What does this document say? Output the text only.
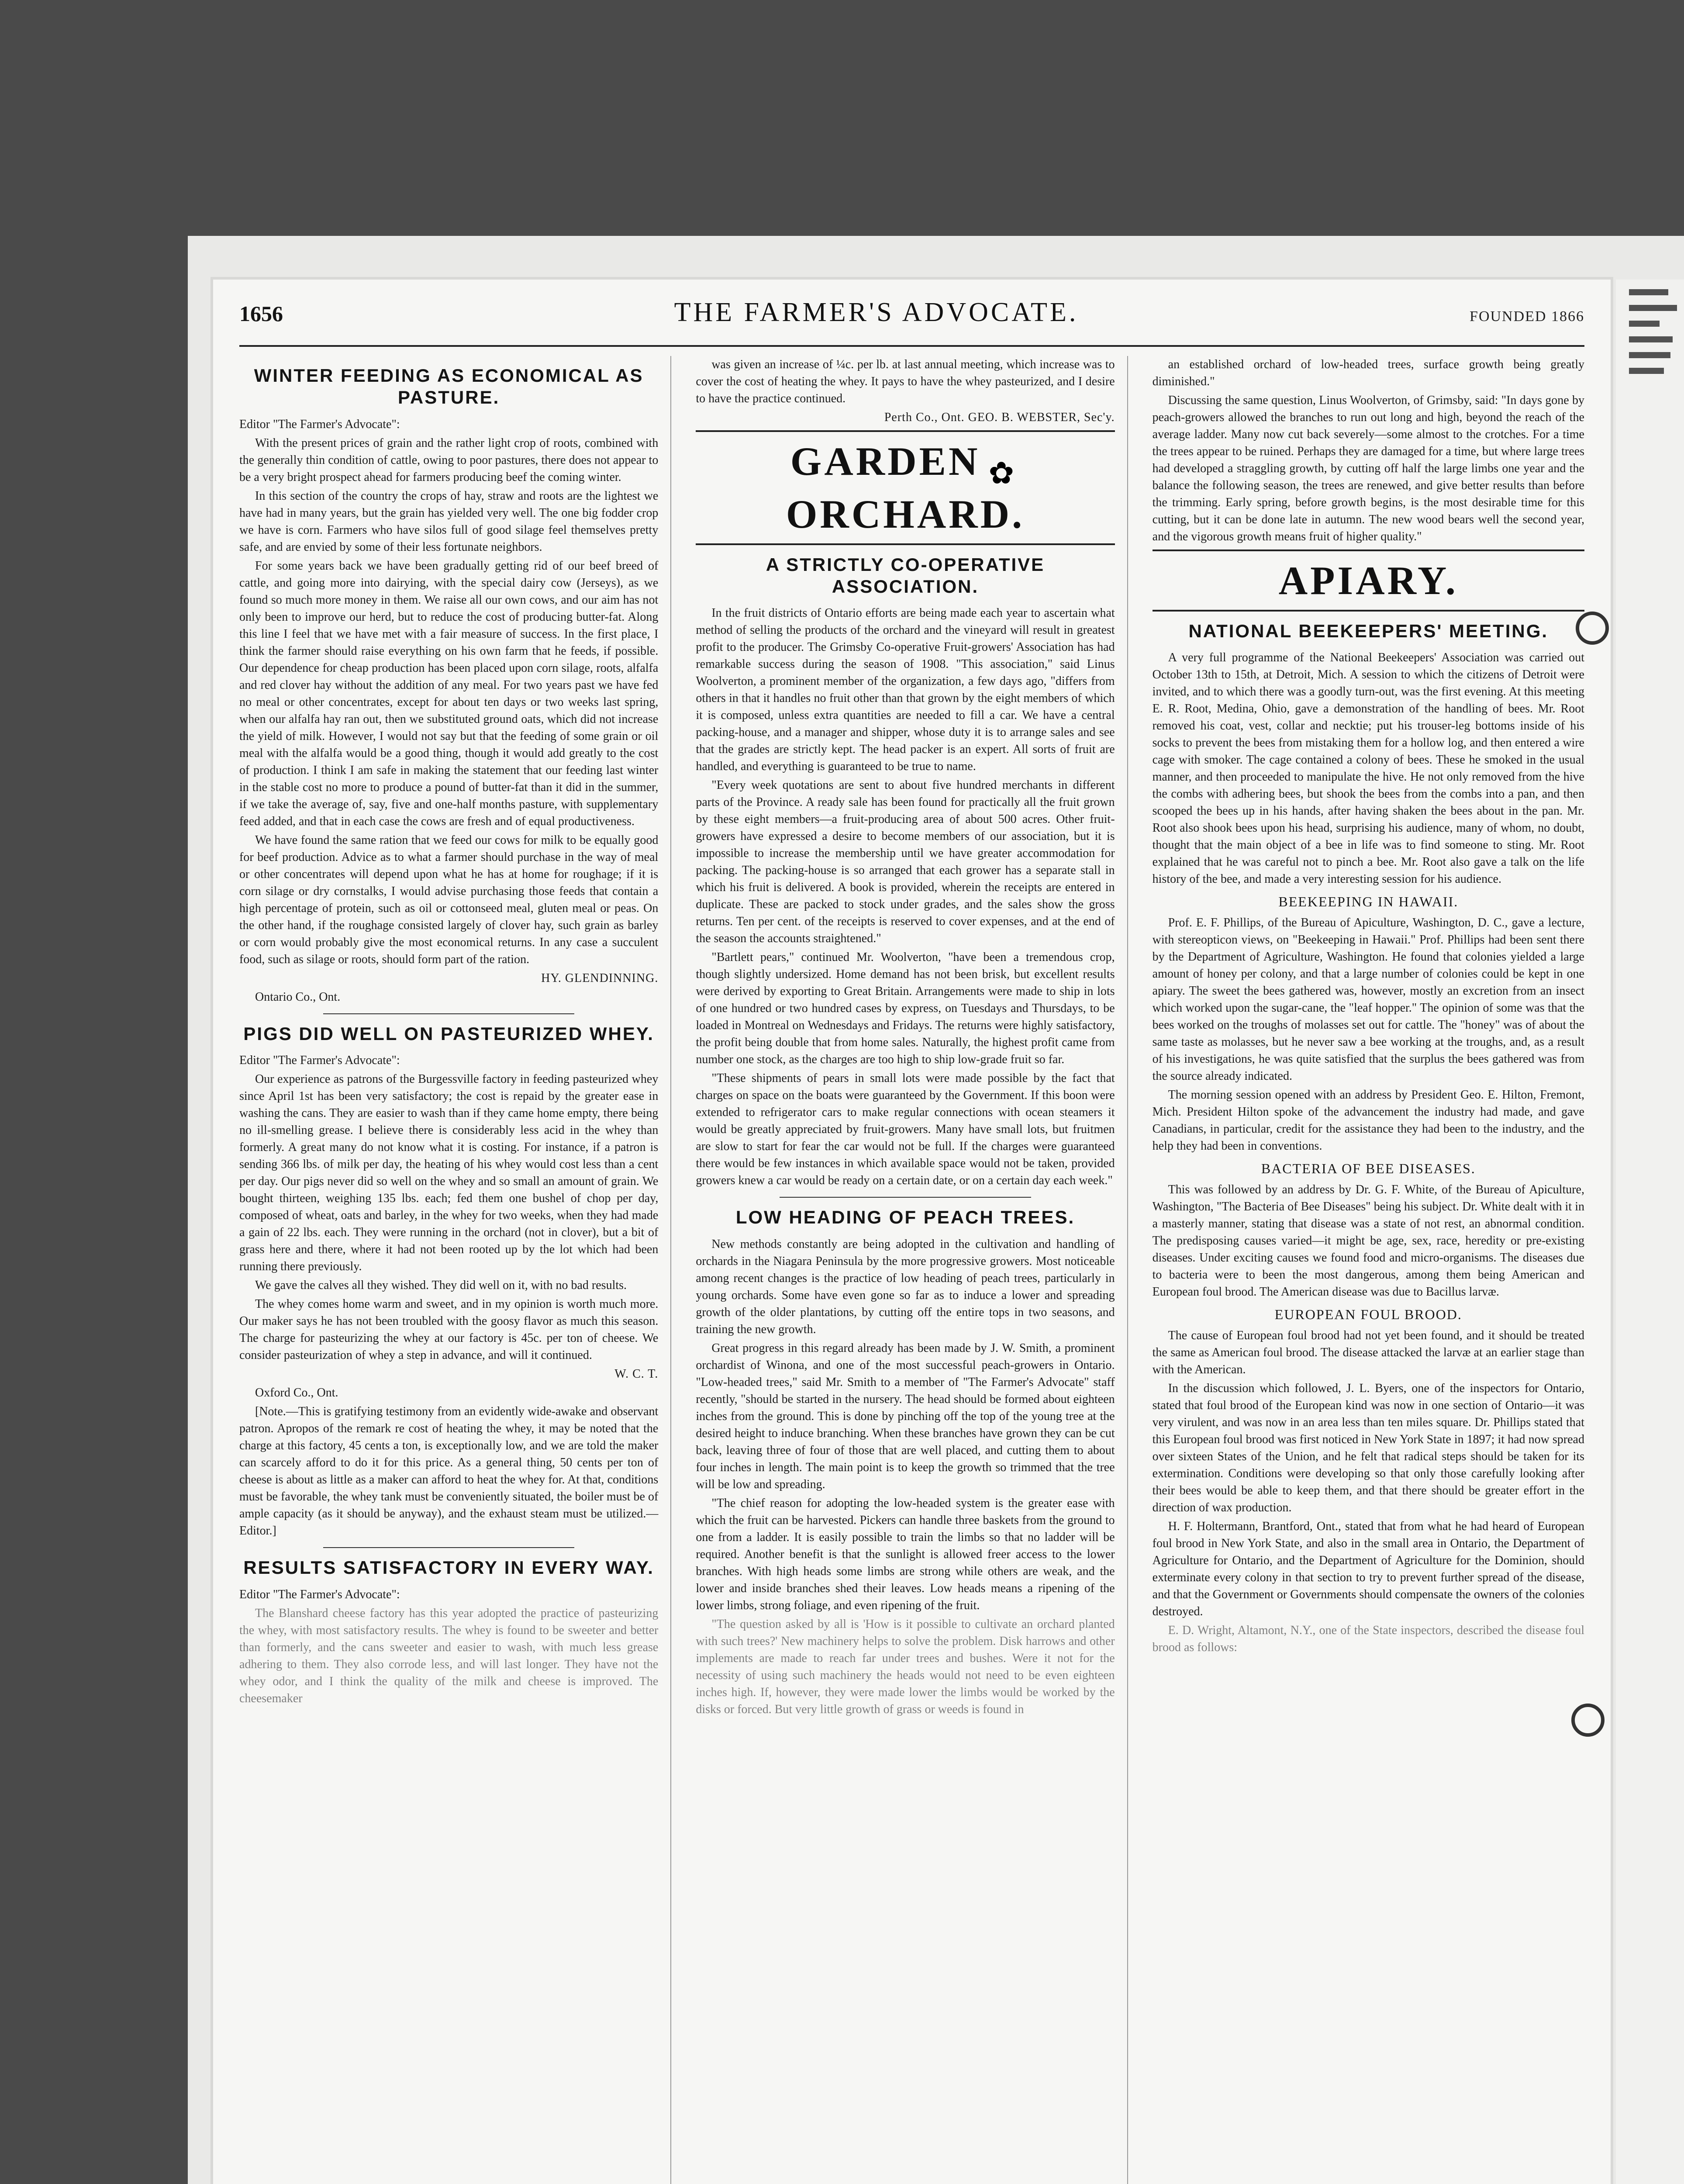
1656	THE FARMER'S ADVOCATE.	FOUNDED 1866
WINTER FEEDING AS ECONOMICAL AS PASTURE.

Editor "The Farmer's Advocate":

With the present prices of grain and the rather light crop of roots, combined with the generally thin condition of cattle, owing to poor pastures, there does not appear to be a very bright prospect ahead for farmers producing beef the coming winter.

In this section of the country the crops of hay, straw and roots are the lightest we have had in many years, but the grain has yielded very well. The one big fodder crop we have is corn. Farmers who have silos full of good silage feel themselves pretty safe, and are envied by some of their less fortunate neighbors.

For some years back we have been gradually getting rid of our beef breed of cattle, and going more into dairying, with the special dairy cow (Jerseys), as we found so much more money in them. We raise all our own cows, and our aim has not only been to improve our herd, but to reduce the cost of producing butter-fat. Along this line I feel that we have met with a fair measure of success. In the first place, I think the farmer should raise everything on his own farm that he feeds, if possible. Our dependence for cheap production has been placed upon corn silage, roots, alfalfa and red clover hay without the addition of any meal. For two years past we have fed no meal or other concentrates, except for about ten days or two weeks last spring, when our alfalfa hay ran out, then we substituted ground oats, which did not increase the yield of milk. However, I would not say but that the feeding of some grain or oil meal with the alfalfa would be a good thing, though it would add greatly to the cost of production. I think I am safe in making the statement that our feeding last winter in the stable cost no more to produce a pound of butter-fat than it did in the summer, if we take the average of, say, five and one-half months pasture, with supplementary feed added, and that in each case the cows are fresh and of equal productiveness.

We have found the same ration that we feed our cows for milk to be equally good for beef production. Advice as to what a farmer should purchase in the way of meal or other concentrates will depend upon what he has at home for roughage; if it is corn silage or dry cornstalks, I would advise purchasing those feeds that contain a high percentage of protein, such as oil or cottonseed meal, gluten meal or peas. On the other hand, if the roughage consisted largely of clover hay, such grain as barley or corn would probably give the most economical returns. In any case a succulent food, such as silage or roots, should form part of the ration.

HY. GLENDINNING.

Ontario Co., Ont.

PIGS DID WELL ON PASTEURIZED WHEY.

Editor "The Farmer's Advocate":

Our experience as patrons of the Burgessville factory in feeding pasteurized whey since April 1st has been very satisfactory; the cost is repaid by the greater ease in washing the cans. They are easier to wash than if they came home empty, there being no ill-smelling grease. I believe there is considerably less acid in the whey than formerly. A great many do not know what it is costing. For instance, if a patron is sending 366 lbs. of milk per day, the heating of his whey would cost less than a cent per day. Our pigs never did so well on the whey and so small an amount of grain. We bought thirteen, weighing 135 lbs. each; fed them one bushel of chop per day, composed of wheat, oats and barley, in the whey for two weeks, when they had made a gain of 22 lbs. each. They were running in the orchard (not in clover), but a bit of grass here and there, where it had not been rooted up by the lot which had been running there previously.

We gave the calves all they wished. They did well on it, with no bad results.

The whey comes home warm and sweet, and in my opinion is worth much more. Our maker says he has not been troubled with the goosy flavor as much this season. The charge for pasteurizing the whey at our factory is 45c. per ton of cheese. We consider pasteurization of whey a step in advance, and will it continued.

W. C. T.

Oxford Co., Ont.

[Note.—This is gratifying testimony from an evidently wide-awake and observant patron. Apropos of the remark re cost of heating the whey, it may be noted that the charge at this factory, 45 cents a ton, is exceptionally low, and we are told the maker can scarcely afford to do it for this price. As a general thing, 50 cents per ton of cheese is about as little as a maker can afford to heat the whey for. At that, conditions must be favorable, the whey tank must be conveniently situated, the boiler must be of ample capacity (as it should be anyway), and the exhaust steam must be utilized.—Editor.]

RESULTS SATISFACTORY IN EVERY WAY.

Editor "The Farmer's Advocate":

The Blanshard cheese factory has this year adopted the practice of pasteurizing the whey, with most satisfactory results. The whey is found to be sweeter and better than formerly, and the cans sweeter and easier to wash, with much less grease adhering to them. They also corrode less, and will last longer. They have not the whey odor, and I think the quality of the milk and cheese is improved. The cheesemaker

was given an increase of ¼c. per lb. at last annual meeting, which increase was to cover the cost of heating the whey. It pays to have the whey pasteurized, and I desire to have the practice continued.

Perth Co., Ont. GEO. B. WEBSTER, Sec'y.

GARDEN ✿ ORCHARD.
A STRICTLY CO-OPERATIVE ASSOCIATION.

In the fruit districts of Ontario efforts are being made each year to ascertain what method of selling the products of the orchard and the vineyard will result in greatest profit to the producer. The Grimsby Co-operative Fruit-growers' Association has had remarkable success during the season of 1908. "This association," said Linus Woolverton, a prominent member of the organization, a few days ago, "differs from others in that it handles no fruit other than that grown by the eight members of which it is composed, unless extra quantities are needed to fill a car. We have a central packing-house, and a manager and shipper, whose duty it is to arrange sales and see that the grades are strictly kept. The head packer is an expert. All sorts of fruit are handled, and everything is guaranteed to be true to name.

"Every week quotations are sent to about five hundred merchants in different parts of the Province. A ready sale has been found for practically all the fruit grown by these eight members—a fruit-producing area of about 500 acres. Other fruit-growers have expressed a desire to become members of our association, but it is impossible to increase the membership until we have greater accommodation for packing. The packing-house is so arranged that each grower has a separate stall in which his fruit is delivered. A book is provided, wherein the receipts are entered in duplicate. These are packed to stock under grades, and the sales show the gross returns. Ten per cent. of the receipts is reserved to cover expenses, and at the end of the season the accounts straightened."

"Bartlett pears," continued Mr. Woolverton, "have been a tremendous crop, though slightly undersized. Home demand has not been brisk, but excellent results were derived by exporting to Great Britain. Arrangements were made to ship in lots of one hundred or two hundred cases by express, on Tuesdays and Thursdays, to be loaded in Montreal on Wednesdays and Fridays. The returns were highly satisfactory, the profit being double that from home sales. Naturally, the highest profit came from number one stock, as the charges are too high to ship low-grade fruit so far.

"These shipments of pears in small lots were made possible by the fact that charges on space on the boats were guaranteed by the Government. If this boon were extended to refrigerator cars to make regular connections with ocean steamers it would be greatly appreciated by fruit-growers. Many have small lots, but fruitmen are slow to start for fear the car would not be full. If the charges were guaranteed there would be few instances in which available space would not be taken, provided growers knew a car would be ready on a certain date, or on a certain day each week."

LOW HEADING OF PEACH TREES.

New methods constantly are being adopted in the cultivation and handling of orchards in the Niagara Peninsula by the more progressive growers. Most noticeable among recent changes is the practice of low heading of peach trees, particularly in young orchards. Some have even gone so far as to induce a lower and spreading growth of the older plantations, by cutting off the entire tops in two seasons, and training the new growth.

Great progress in this regard already has been made by J. W. Smith, a prominent orchardist of Winona, and one of the most successful peach-growers in Ontario. "Low-headed trees," said Mr. Smith to a member of "The Farmer's Advocate" staff recently, "should be started in the nursery. The head should be formed about eighteen inches from the ground. This is done by pinching off the top of the young tree at the desired height to induce branching. When these branches have grown they can be cut back, leaving three of four of those that are well placed, and cutting them to about four inches in length. The main point is to keep the growth so trimmed that the tree will be low and spreading.

"The chief reason for adopting the low-headed system is the greater ease with which the fruit can be harvested. Pickers can handle three baskets from the ground to one from a ladder. It is easily possible to train the limbs so that no ladder will be required. Another benefit is that the sunlight is allowed freer access to the lower branches. With high heads some limbs are strong while others are weak, and the lower and inside branches shed their leaves. Low heads means a ripening of the lower limbs, strong foliage, and even ripening of the fruit.

"The question asked by all is 'How is it possible to cultivate an orchard planted with such trees?' New machinery helps to solve the problem. Disk harrows and other implements are made to reach far under trees and bushes. Were it not for the necessity of using such machinery the heads would not need to be even eighteen inches high. If, however, they were made lower the limbs would be worked by the disks or forced. But very little growth of grass or weeds is found in

an established orchard of low-headed trees, surface growth being greatly diminished."

Discussing the same question, Linus Woolverton, of Grimsby, said: "In days gone by peach-growers allowed the branches to run out long and high, beyond the reach of the average ladder. Many now cut back severely—some almost to the crotches. For a time the trees appear to be ruined. Perhaps they are damaged for a time, but where large trees had developed a straggling growth, by cutting off half the large limbs one year and the balance the following season, the trees are renewed, and give better results than before the trimming. Early spring, before growth begins, is the most desirable time for this cutting, but it can be done late in autumn. The new wood bears well the second year, and the vigorous growth means fruit of higher quality."

APIARY.
NATIONAL BEEKEEPERS' MEETING.

A very full programme of the National Beekeepers' Association was carried out October 13th to 15th, at Detroit, Mich. A session to which the citizens of Detroit were invited, and to which there was a goodly turn-out, was the first evening. At this meeting E. R. Root, Medina, Ohio, gave a demonstration of the handling of bees. Mr. Root removed his coat, vest, collar and necktie; put his trouser-leg bottoms inside of his socks to prevent the bees from mistaking them for a hollow log, and then entered a wire cage with smoker. The cage contained a colony of bees. These he smoked in the usual manner, and then proceeded to manipulate the hive. He not only removed from the hive the combs with adhering bees, but shook the bees from the combs into a pan, and then scooped the bees up in his hands, after having shaken the bees about in the pan. Mr. Root also shook bees upon his head, surprising his audience, many of whom, no doubt, thought that the main object of a bee in life was to find someone to sting. Mr. Root explained that he was careful not to pinch a bee. Mr. Root also gave a talk on the life history of the bee, and made a very interesting session for his audience.

BEEKEEPING IN HAWAII.

Prof. E. F. Phillips, of the Bureau of Apiculture, Washington, D. C., gave a lecture, with stereopticon views, on "Beekeeping in Hawaii." Prof. Phillips had been sent there by the Department of Agriculture, Washington. He found that colonies yielded a large amount of honey per colony, and that a large number of colonies could be kept in one apiary. The sweet the bees gathered was, however, mostly an excretion from an insect which worked upon the sugar-cane, the "leaf hopper." The opinion of some was that the bees worked on the troughs of molasses set out for cattle. The "honey" was of about the same taste as molasses, but he never saw a bee working at the troughs, and, as a result of his investigations, he was quite satisfied that the surplus the bees gathered was from the source already indicated.

The morning session opened with an address by President Geo. E. Hilton, Fremont, Mich. President Hilton spoke of the advancement the industry had made, and gave Canadians, in particular, credit for the assistance they had been to the industry, and the help they had been in conventions.

BACTERIA OF BEE DISEASES.

This was followed by an address by Dr. G. F. White, of the Bureau of Apiculture, Washington, "The Bacteria of Bee Diseases" being his subject. Dr. White dealt with it in a masterly manner, stating that disease was a state of not rest, an abnormal condition. The predisposing causes varied—it might be age, sex, race, heredity or pre-existing diseases. Under exciting causes we found food and micro-organisms. The diseases due to bacteria were to been the most dangerous, among them being American and European foul brood. The American disease was due to Bacillus larvæ.

EUROPEAN FOUL BROOD.

The cause of European foul brood had not yet been found, and it should be treated the same as American foul brood. The disease attacked the larvæ at an earlier stage than with the American.

In the discussion which followed, J. L. Byers, one of the inspectors for Ontario, stated that foul brood of the European kind was now in one section of Ontario—it was very virulent, and was now in an area less than ten miles square. Dr. Phillips stated that this European foul brood was first noticed in New York State in 1897; it had now spread over sixteen States of the Union, and he felt that radical steps should be taken for its extermination. Conditions were developing so that only those carefully looking after their bees would be able to keep them, and that there should be greater effort in the direction of wax production.

H. F. Holtermann, Brantford, Ont., stated that from what he had heard of European foul brood in New York State, and also in the small area in Ontario, the Department of Agriculture for Ontario, and the Department of Agriculture for the Dominion, should exterminate every colony in that section to try to prevent further spread of the disease, and that the Government or Governments should compensate the owners of the colonies destroyed.

E. D. Wright, Altamont, N.Y., one of the State inspectors, described the disease foul brood as follows:
